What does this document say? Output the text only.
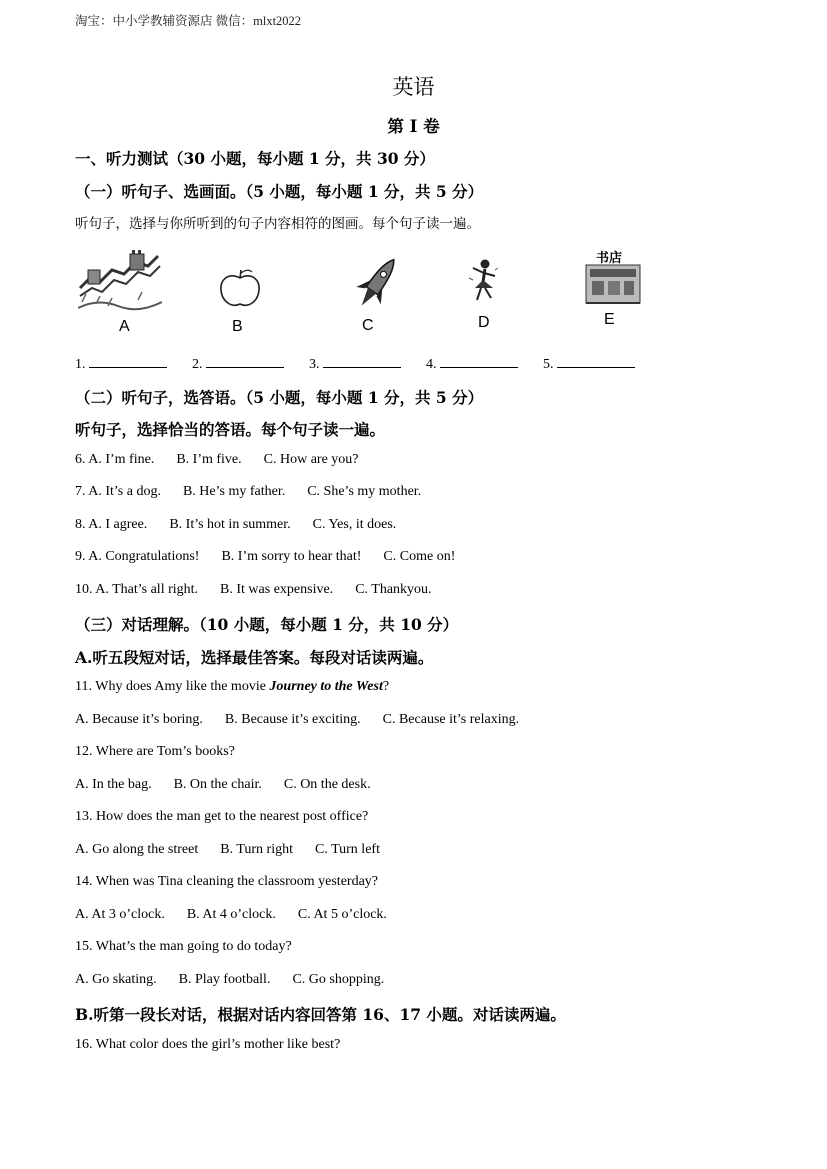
淘宝：中小学教辅资源店 微信：mlxt2022
英语
第 I 卷
一、听力测试（30 小题，每小题 1 分，共 30 分）
（一）听句子、选画面。（5 小题，每小题 1 分，共 5 分）
听句子，选择与你所听到的句子内容相符的图画。每个句子读一遍。
A	B	C	D
书店
E
1.	2.	3.	4.	5.
（二）听句子，选答语。（5 小题，每小题 1 分，共 5 分）
听句子，选择恰当的答语。每个句子读一遍。
6. A. I’m fine. B. I’m five. C. How are you?
7. A. It’s a dog. B. He’s my father. C. She’s my mother.
8. A. I agree. B. It’s hot in summer. C. Yes, it does.
9. A. Congratulations! B. I’m sorry to hear that! C. Come on!
10. A. That’s all right. B. It was expensive. C. Thankyou.
（三）对话理解。（10 小题，每小题 1 分，共 10 分）
A.听五段短对话，选择最佳答案。每段对话读两遍。
11. Why does Amy like the movie Journey to the West?
A. Because it’s boring. B. Because it’s exciting. C. Because it’s relaxing.
12. Where are Tom’s books?
A. In the bag. B. On the chair. C. On the desk.
13. How does the man get to the nearest post office?
A. Go along the street B. Turn right C. Turn left
14. When was Tina cleaning the classroom yesterday?
A. At 3 o’clock. B. At 4 o’clock. C. At 5 o’clock.
15. What’s the man going to do today?
A. Go skating. B. Play football. C. Go shopping.
B.听第一段长对话，根据对话内容回答第 16、17 小题。对话读两遍。
16. What color does the girl’s mother like best?
